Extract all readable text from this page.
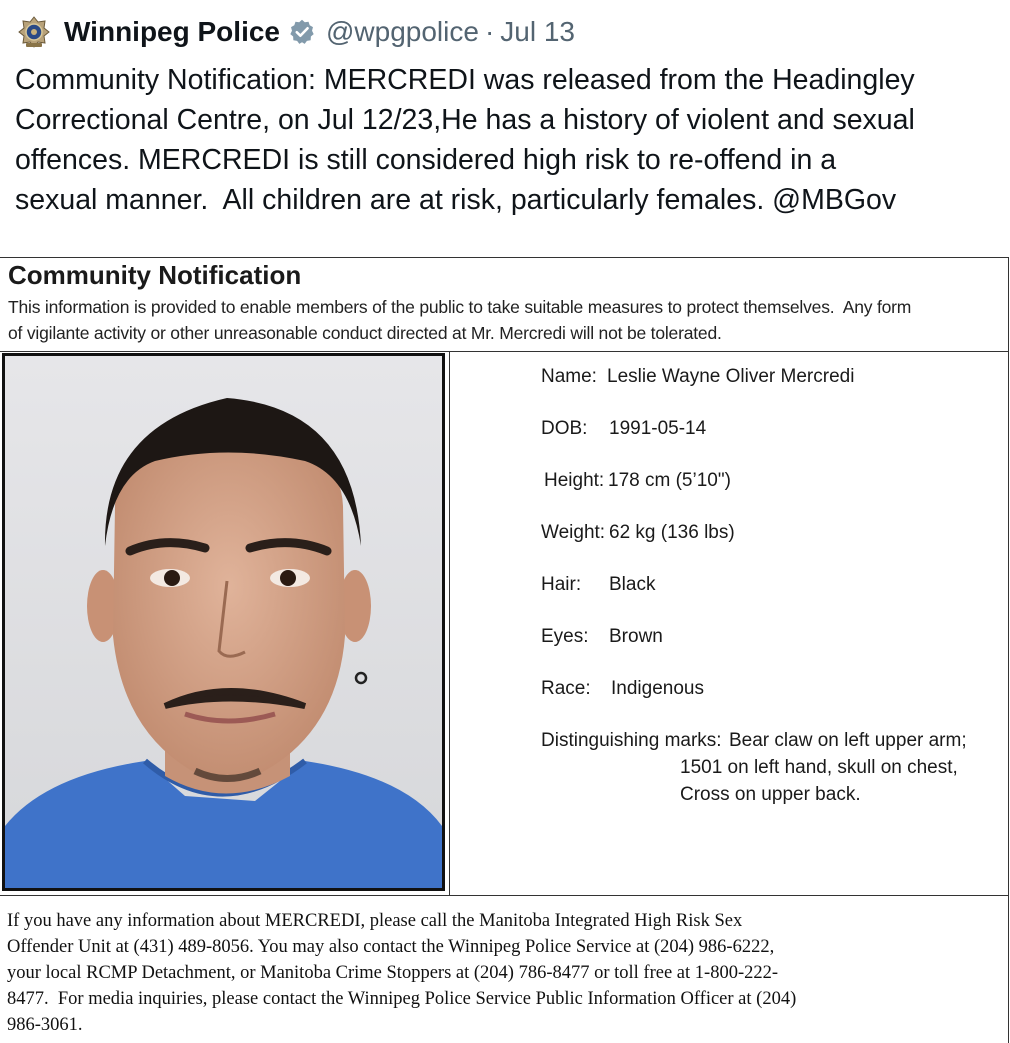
Winnipeg Police @wpgpolice · Jul 13
Community Notification: MERCREDI was released from the Headingley
Correctional Centre, on Jul 12/23,He has a history of violent and sexual
offences. MERCREDI is still considered high risk to re-offend in a
sexual manner.  All children are at risk, particularly females. @MBGov
Community Notification
This information is provided to enable members of the public to take suitable measures to protect themselves.  Any form
of vigilante activity or other unreasonable conduct directed at Mr. Mercredi will not be tolerated.
Name: Leslie Wayne Oliver Mercredi
DOB: 1991-05-14
Height: 178 cm (5’10")
Weight: 62 kg (136 lbs)
Hair: Black
Eyes: Brown
Race: Indigenous
Distinguishing marks: Bear claw on left upper arm;
1501 on left hand, skull on chest,
Cross on upper back.
If you have any information about MERCREDI, please call the Manitoba Integrated High Risk Sex
Offender Unit at (431) 489-8056. You may also contact the Winnipeg Police Service at (204) 986-6222,
your local RCMP Detachment, or Manitoba Crime Stoppers at (204) 786-8477 or toll free at 1-800-222-
8477.  For media inquiries, please contact the Winnipeg Police Service Public Information Officer at (204)
986-3061.
